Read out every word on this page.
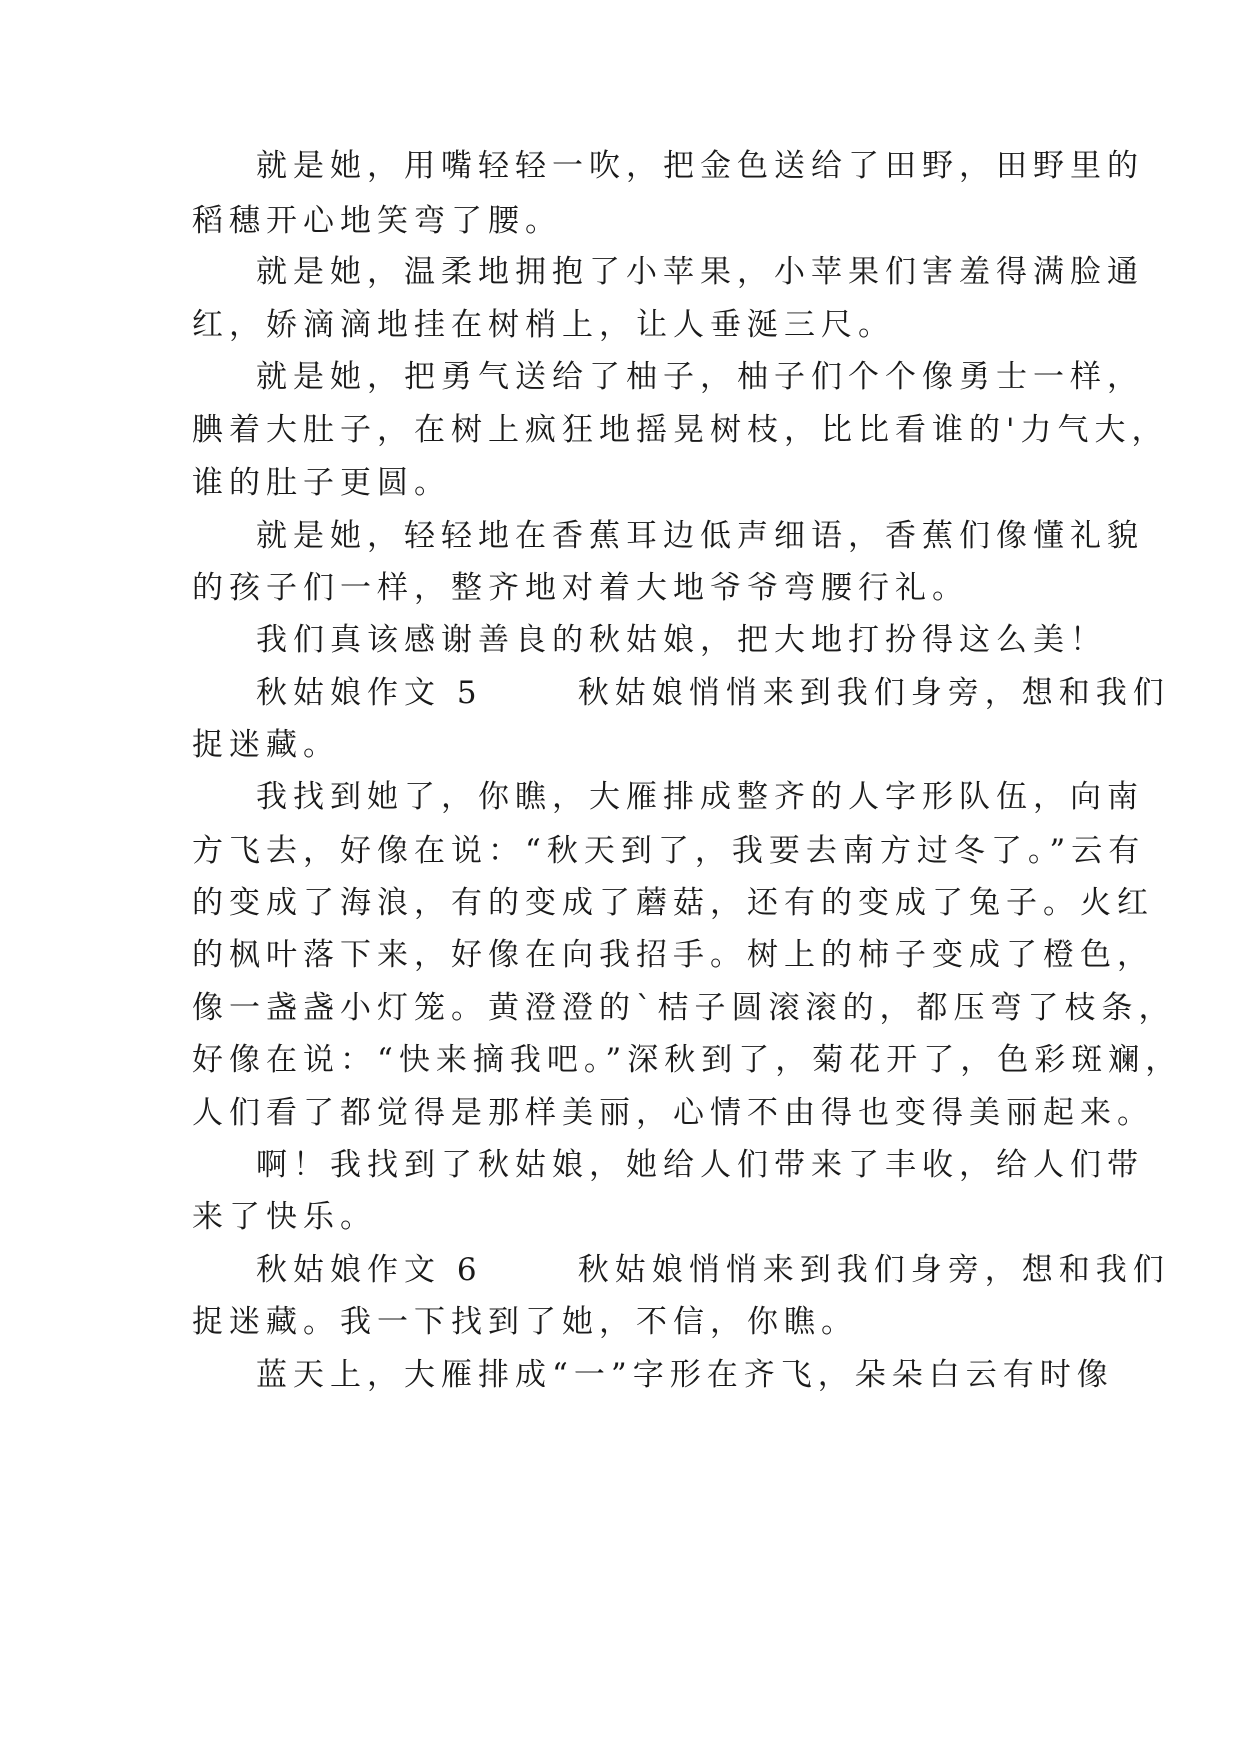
就是她，用嘴轻轻一吹，把金色送给了田野，田野里的
稻穗开心地笑弯了腰。
就是她，温柔地拥抱了小苹果，小苹果们害羞得满脸通
红，娇滴滴地挂在树梢上，让人垂涎三尺。
就是她，把勇气送给了柚子，柚子们个个像勇士一样，
腆着大肚子，在树上疯狂地摇晃树枝，比比看谁的'力气大，
谁的肚子更圆。
就是她，轻轻地在香蕉耳边低声细语，香蕉们像懂礼貌
的孩子们一样，整齐地对着大地爷爷弯腰行礼。
我们真该感谢善良的秋姑娘，把大地打扮得这么美！
秋姑娘作文 5      秋姑娘悄悄来到我们身旁，想和我们
捉迷藏。
我找到她了，你瞧，大雁排成整齐的人字形队伍，向南
方飞去，好像在说：“秋天到了，我要去南方过冬了。”云有
的变成了海浪，有的变成了蘑菇，还有的变成了兔子。火红
的枫叶落下来，好像在向我招手。树上的柿子变成了橙色，
像一盏盏小灯笼。黄澄澄的`桔子圆滚滚的，都压弯了枝条，
好像在说：“快来摘我吧。”深秋到了，菊花开了，色彩斑斓，
人们看了都觉得是那样美丽，心情不由得也变得美丽起来。
啊！我找到了秋姑娘，她给人们带来了丰收，给人们带
来了快乐。
秋姑娘作文 6      秋姑娘悄悄来到我们身旁，想和我们
捉迷藏。我一下找到了她，不信，你瞧。
蓝天上，大雁排成“一”字形在齐飞，朵朵白云有时像
